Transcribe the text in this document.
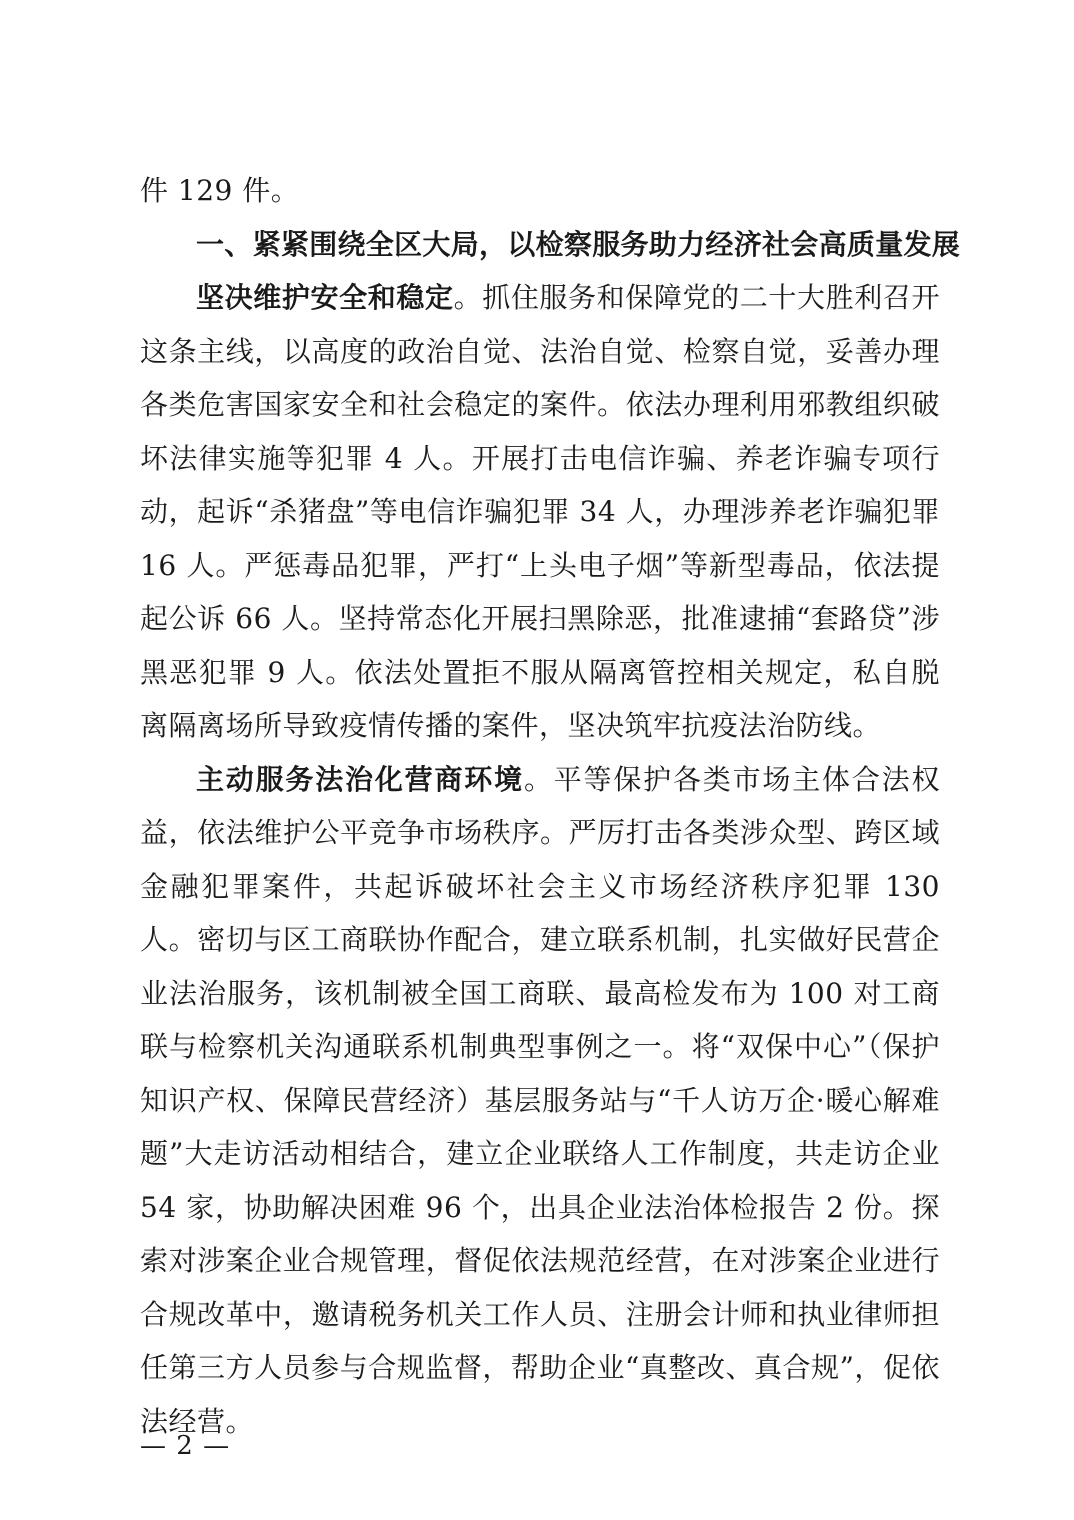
件 129 件。

一、紧紧围绕全区大局，以检察服务助力经济社会高质量发展

坚决维护安全和稳定。抓住服务和保障党的二十大胜利召开这条主线，以高度的政治自觉、法治自觉、检察自觉，妥善办理各类危害国家安全和社会稳定的案件。依法办理利用邪教组织破坏法律实施等犯罪 4 人。开展打击电信诈骗、养老诈骗专项行动，起诉“杀猪盘”等电信诈骗犯罪 34 人，办理涉养老诈骗犯罪 16 人。严惩毒品犯罪，严打“上头电子烟”等新型毒品，依法提起公诉 66 人。坚持常态化开展扫黑除恶，批准逮捕“套路贷”涉黑恶犯罪 9 人。依法处置拒不服从隔离管控相关规定，私自脱离隔离场所导致疫情传播的案件，坚决筑牢抗疫法治防线。

主动服务法治化营商环境。平等保护各类市场主体合法权益，依法维护公平竞争市场秩序。严厉打击各类涉众型、跨区域金融犯罪案件，共起诉破坏社会主义市场经济秩序犯罪 130 人。密切与区工商联协作配合，建立联系机制，扎实做好民营企业法治服务，该机制被全国工商联、最高检发布为 100 对工商联与检察机关沟通联系机制典型事例之一。将“双保中心”（保护知识产权、保障民营经济）基层服务站与“千人访万企·暖心解难题”大走访活动相结合，建立企业联络人工作制度，共走访企业 54 家，协助解决困难 96 个，出具企业法治体检报告 2 份。探索对涉案企业合规管理，督促依法规范经营，在对涉案企业进行合规改革中，邀请税务机关工作人员、注册会计师和执业律师担任第三方人员参与合规监督，帮助企业“真整改、真合规”，促依法经营。

— 2 —
